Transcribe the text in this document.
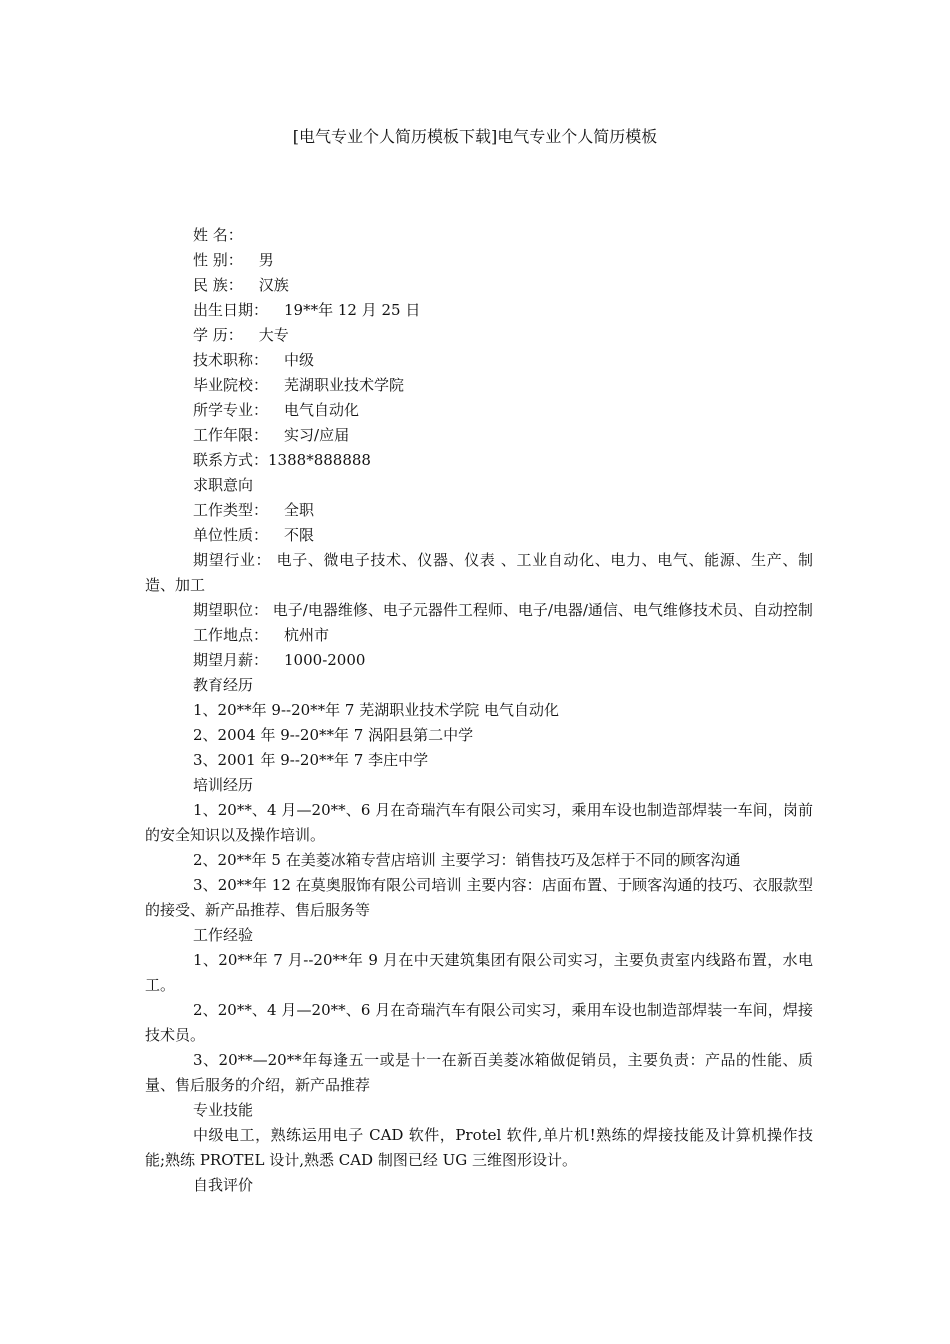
[电气专业个人简历模板下载]电气专业个人简历模板

姓 名：

性 别： 男

民 族： 汉族

出生日期： 19**年 12 月 25 日

学 历： 大专

技术职称： 中级

毕业院校： 芜湖职业技术学院

所学专业： 电气自动化

工作年限： 实习/应届

联系方式：1388*888888

求职意向

工作类型： 全职

单位性质： 不限

期望行业： 电子、微电子技术、仪器、仪表 、工业自动化、电力、电气、能源、生产、制造、加工

期望职位： 电子/电器维修、电子元器件工程师、电子/电器/通信、电气维修技术员、自动控制

工作地点： 杭州市

期望月薪： 1000-2000

教育经历

1、20**年 9--20**年 7 芜湖职业技术学院 电气自动化

2、2004 年 9--20**年 7 涡阳县第二中学

3、2001 年 9--20**年 7 李庄中学

培训经历

1、20**、4 月—20**、6 月在奇瑞汽车有限公司实习，乘用车设也制造部焊装一车间，岗前的安全知识以及操作培训。

2、20**年 5 在美菱冰箱专营店培训 主要学习：销售技巧及怎样于不同的顾客沟通

3、20**年 12 在莫奥服饰有限公司培训 主要内容：店面布置、于顾客沟通的技巧、衣服款型的接受、新产品推荐、售后服务等

工作经验

1、20**年 7 月--20**年 9 月在中天建筑集团有限公司实习，主要负责室内线路布置，水电工。

2、20**、4 月—20**、6 月在奇瑞汽车有限公司实习，乘用车设也制造部焊装一车间，焊接技术员。

3、20**—20**年每逢五一或是十一在新百美菱冰箱做促销员，主要负责：产品的性能、质量、售后服务的介绍，新产品推荐

专业技能

中级电工，熟练运用电子 CAD 软件，Protel 软件,单片机!熟练的焊接技能及计算机操作技能;熟练 PROTEL 设计,熟悉 CAD 制图已经 UG 三维图形设计。

自我评价
